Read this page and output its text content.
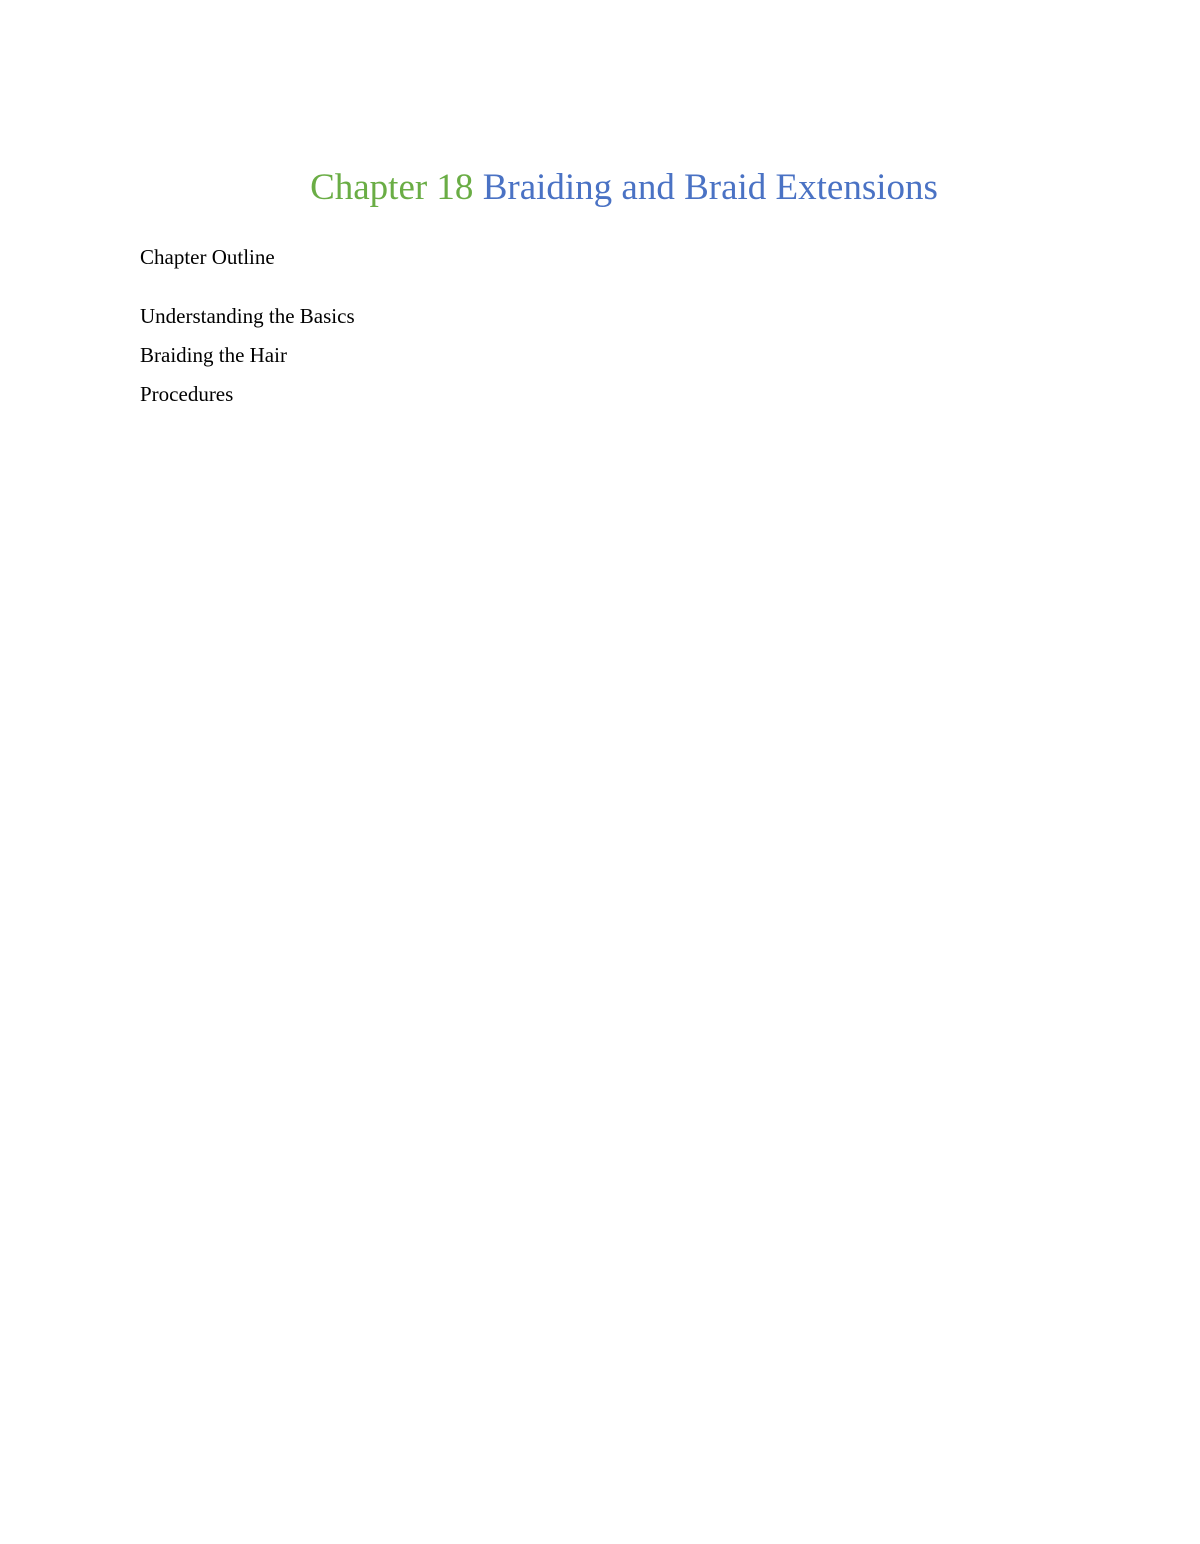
Chapter 18 Braiding and Braid Extensions

Chapter Outline

Understanding the Basics
Braiding the Hair
Procedures
